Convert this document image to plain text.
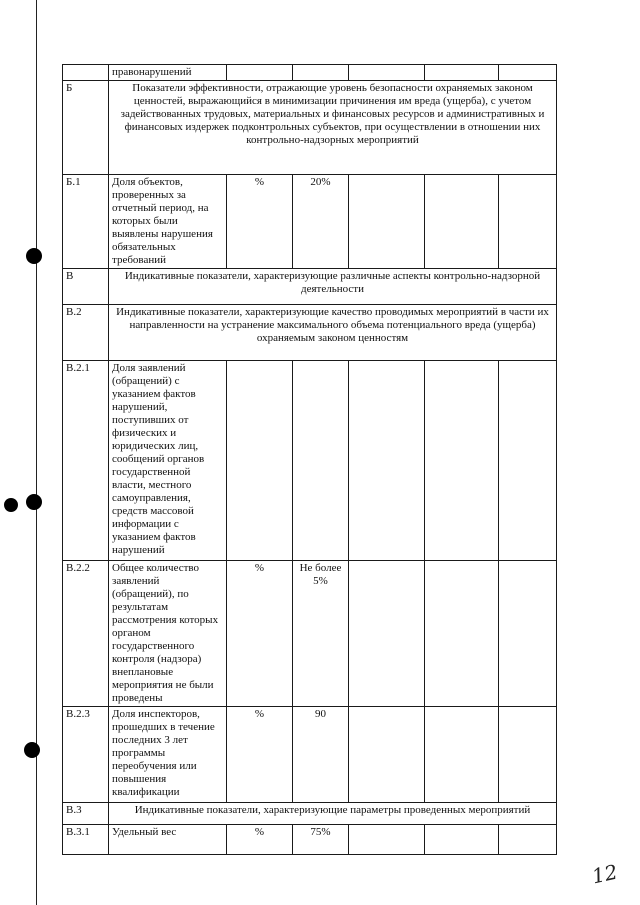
	правонарушений					
Б	Показатели эффективности, отражающие уровень безопасности охраняемых законом ценностей, выражающийся в минимизации причинения им вреда (ущерба), с учетом задействованных трудовых, материальных и финансовых ресурсов и административных и финансовых издержек подконтрольных субъектов, при осуществлении в отношении них контрольно-надзорных мероприятий					
Б.1	Доля объектов, проверенных за отчетный период, на которых были выявлены нарушения обязательных требований	%	20%			
В	Индикативные показатели, характеризующие различные аспекты контрольно-надзорной деятельности					
В.2	Индикативные показатели, характеризующие качество проводимых мероприятий в части их направленности на устранение максимального объема потенциального вреда (ущерба) охраняемым законом ценностям					
В.2.1	Доля заявлений (обращений) с указанием фактов нарушений, поступивших от физических и юридических лиц, сообщений органов государственной власти, местного самоуправления, средств массовой информации с указанием фактов нарушений					
В.2.2	Общее количество заявлений (обращений), по результатам рассмотрения которых органом государственного контроля (надзора) внеплановые мероприятия не были проведены	%	Не более 5%			
В.2.3	Доля инспекторов, прошедших в течение последних 3 лет программы переобучения или повышения квалификации	%	90			
В.3	Индикативные показатели, характеризующие параметры проведенных мероприятий					
В.3.1	Удельный вес	%	75%			
12
